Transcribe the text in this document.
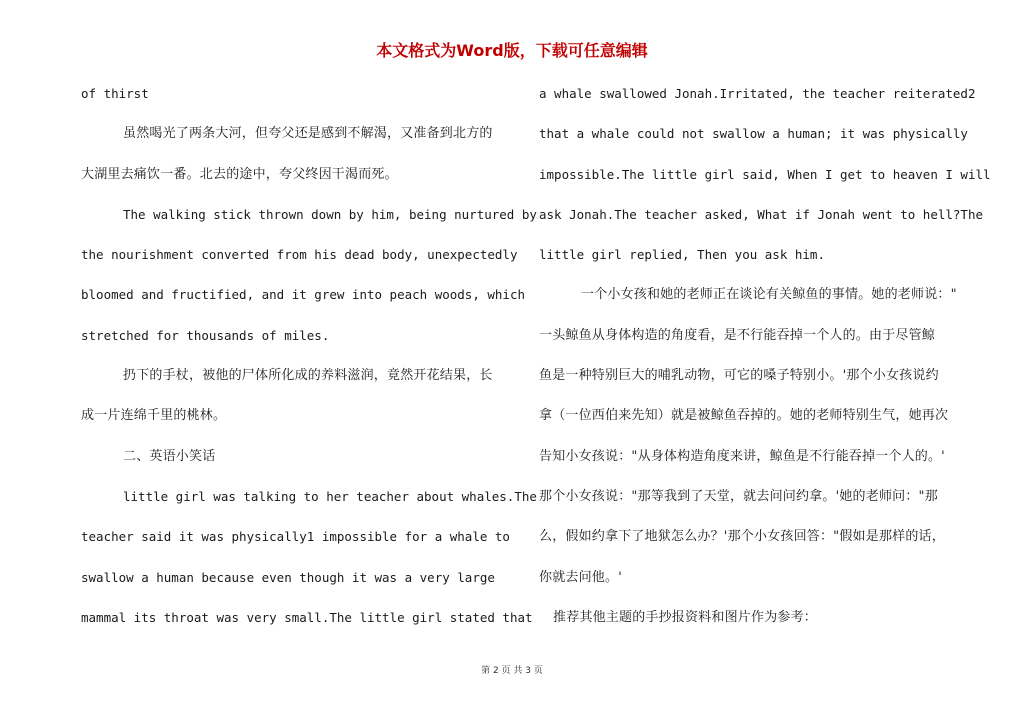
本文格式为Word版，下载可任意编辑
of thirst
虽然喝光了两条大河，但夸父还是感到不解渴，又准备到北方的
大湖里去痛饮一番。北去的途中，夸父终因干渴而死。
The walking stick thrown down by him, being nurtured by
the nourishment converted from his dead body, unexpectedly
bloomed and fructified, and it grew into peach woods, which
stretched for thousands of miles.
扔下的手杖，被他的尸体所化成的养料滋润，竟然开花结果，长
成一片连绵千里的桃林。
二、英语小笑话
little girl was talking to her teacher about whales.The
teacher said it was physically1 impossible for a whale to
swallow a human because even though it was a very large
mammal its throat was very small.The little girl stated that
a whale swallowed Jonah.Irritated, the teacher reiterated2
that a whale could not swallow a human; it was physically
impossible.The little girl said, When I get to heaven I will
ask Jonah.The teacher asked, What if Jonah went to hell?The
little girl replied, Then you ask him.
一个小女孩和她的老师正在谈论有关鲸鱼的事情。她的老师说："
一头鲸鱼从身体构造的角度看，是不行能吞掉一个人的。由于尽管鲸
鱼是一种特别巨大的哺乳动物，可它的嗓子特别小。'那个小女孩说约
拿（一位西伯来先知）就是被鲸鱼吞掉的。她的老师特别生气，她再次
告知小女孩说："从身体构造角度来讲，鲸鱼是不行能吞掉一个人的。'
那个小女孩说："那等我到了天堂，就去问问约拿。'她的老师问："那
么，假如约拿下了地狱怎么办？'那个小女孩回答："假如是那样的话，
你就去问他。'
推荐其他主题的手抄报资料和图片作为参考：
第 2 页 共 3 页
